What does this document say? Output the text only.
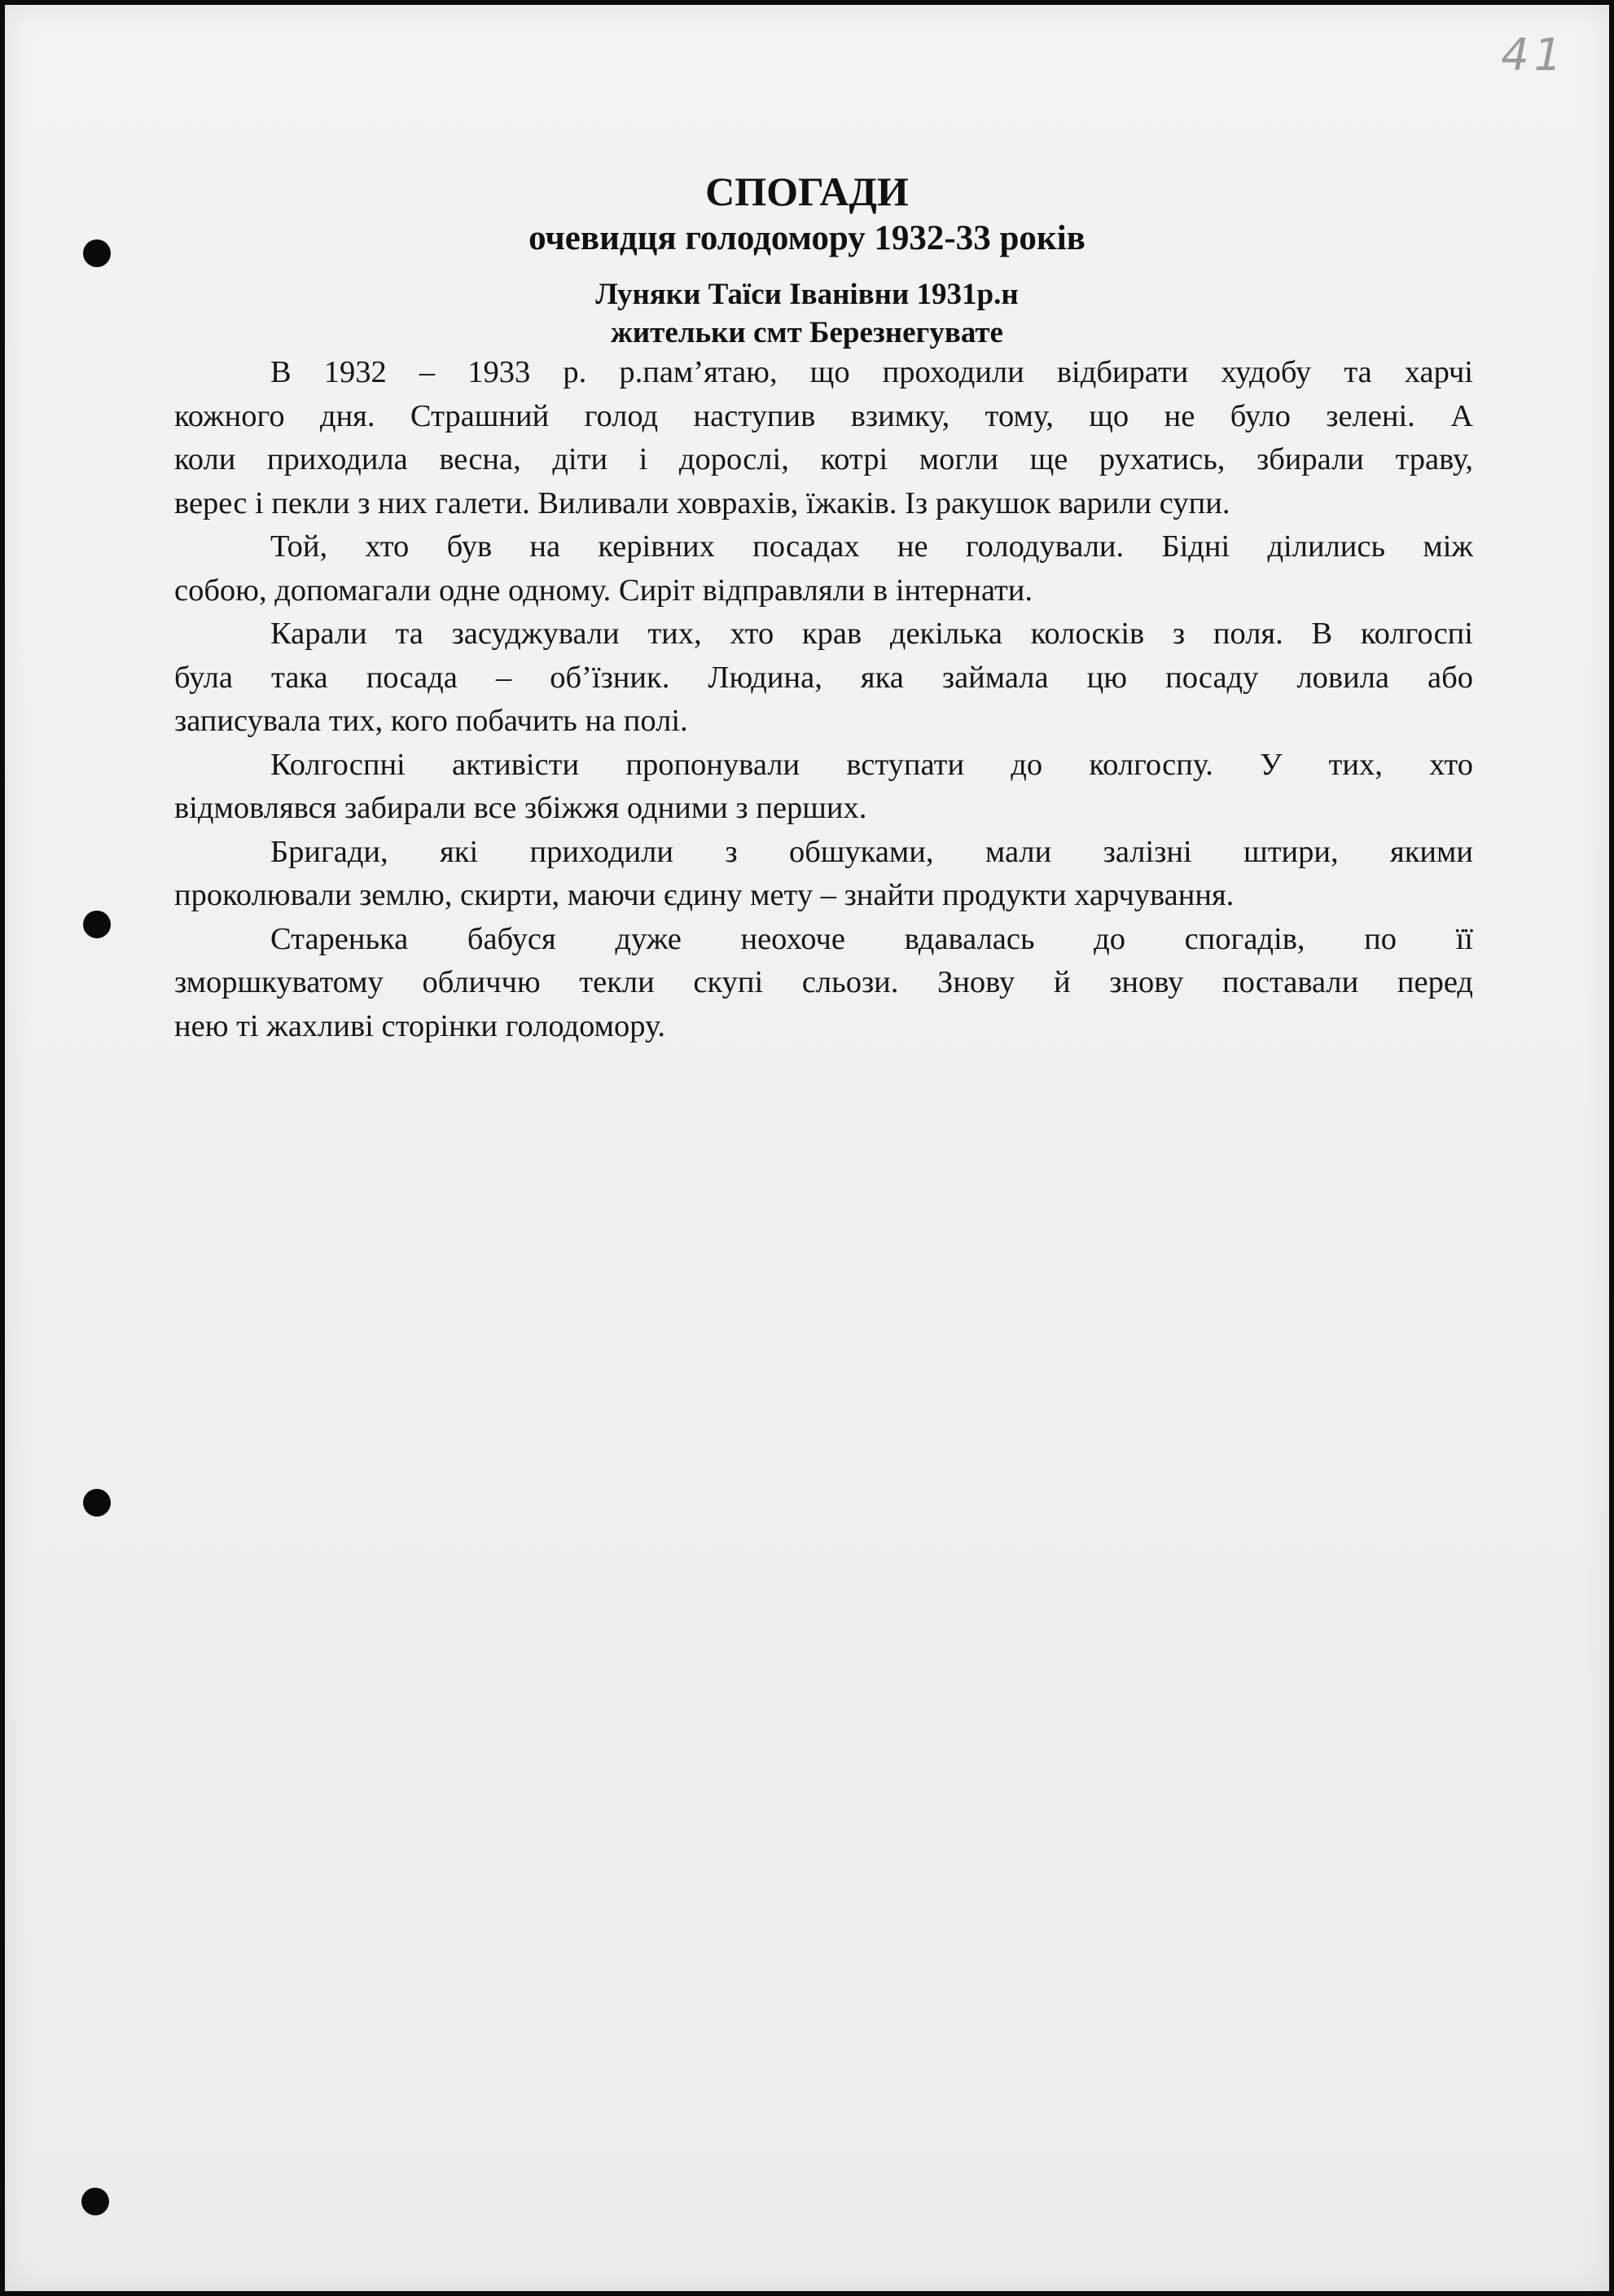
41
СПОГАДИ
очевидця голодомору 1932-33 років
Луняки Таїси Іванівни 1931р.н
жительки смт Березнегувате

В 1932 – 1933 р. р.пам’ятаю, що проходили відбирати худобу та харчі
кожного дня. Страшний голод наступив взимку, тому, що не було зелені. А
коли приходила весна, діти і дорослі, котрі могли ще рухатись, збирали траву,
верес і пекли з них галети. Виливали ховрахів, їжаків. Із ракушок варили супи.

Той, хто був на керівних посадах не голодували. Бідні ділились між
собою, допомагали одне одному. Сиріт відправляли в інтернати.

Карали та засуджували тих, хто крав декілька колосків з поля. В колгоспі
була така посада – об’їзник. Людина, яка займала цю посаду ловила або
записувала тих, кого побачить на полі.

Колгоспні активісти пропонували вступати до колгоспу. У тих, хто
відмовлявся забирали все збіжжя одними з перших.

Бригади, які приходили з обшуками, мали залізні штири, якими
проколювали землю, скирти, маючи єдину мету – знайти продукти харчування.

Старенька бабуся дуже неохоче вдавалась до спогадів, по її
зморшкуватому обличчю текли скупі сльози. Знову й знову поставали перед
нею ті жахливі сторінки голодомору.
